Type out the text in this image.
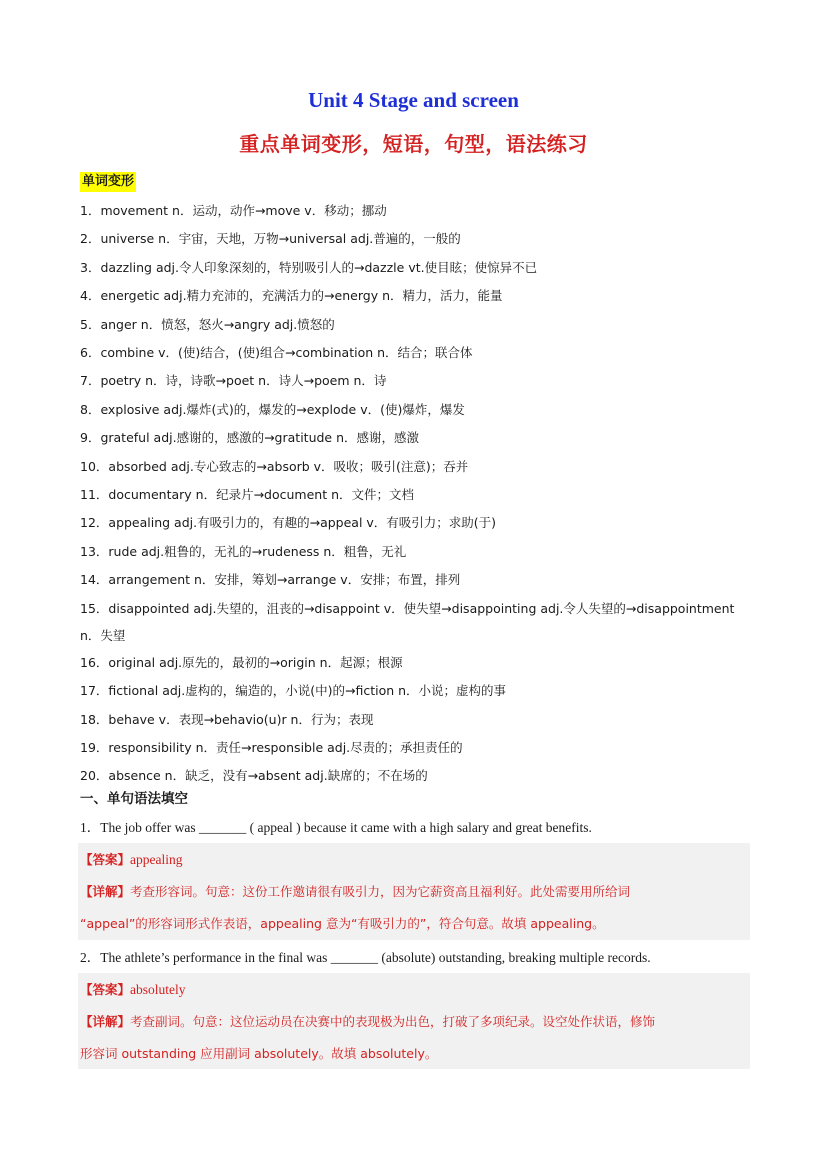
Unit 4 Stage and screen
重点单词变形，短语，句型，语法练习
单词变形
1．movement n．运动，动作→move v．移动；挪动
2．universe n．宇宙，天地，万物→universal adj.普遍的，一般的
3．dazzling adj.令人印象深刻的，特别吸引人的→dazzle vt.使目眩；使惊异不已
4．energetic adj.精力充沛的，充满活力的→energy n．精力，活力，能量
5．anger n．愤怒，怒火→angry adj.愤怒的
6．combine v．(使)结合，(使)组合→combination n．结合；联合体
7．poetry n．诗，诗歌→poet n．诗人→poem n．诗
8．explosive adj.爆炸(式)的，爆发的→explode v．(使)爆炸，爆发
9．grateful adj.感谢的，感激的→gratitude n．感谢，感激
10．absorbed adj.专心致志的→absorb v．吸收；吸引(注意)；吞并
11．documentary n．纪录片→document n．文件；文档
12．appealing adj.有吸引力的，有趣的→appeal v．有吸引力；求助(于)
13．rude adj.粗鲁的，无礼的→rudeness n．粗鲁，无礼
14．arrangement n．安排，筹划→arrange v．安排；布置，排列
15．disappointed adj.失望的，沮丧的→disappoint v．使失望→disappointing adj.令人失望的→disappointment n．失望
16．original adj.原先的，最初的→origin n．起源；根源
17．fictional adj.虚构的，编造的，小说(中)的→fiction n．小说；虚构的事
18．behave v．表现→behavio(u)r n．行为；表现
19．responsibility n．责任→responsible adj.尽责的；承担责任的
20．absence n．缺乏，没有→absent adj.缺席的；不在场的
一、单句语法填空
1．The job offer was _______ ( appeal ) because it came with a high salary and great benefits.
【答案】appealing
【详解】考查形容词。句意：这份工作邀请很有吸引力，因为它薪资高且福利好。此处需要用所给词
“appeal”的形容词形式作表语，appealing 意为“有吸引力的”，符合句意。故填 appealing。
2．The athlete’s performance in the final was _______ (absolute) outstanding, breaking multiple records.
【答案】absolutely
【详解】考查副词。句意：这位运动员在决赛中的表现极为出色，打破了多项纪录。设空处作状语，修饰
形容词 outstanding 应用副词 absolutely。故填 absolutely。
